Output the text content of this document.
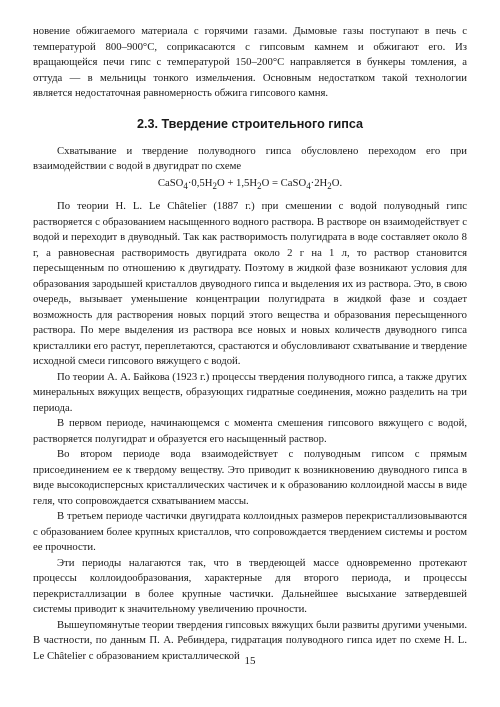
новение обжигаемого материала с горячими газами. Дымовые газы поступают в печь с температурой 800–900°C, соприкасаются с гипсовым камнем и обжигают его. Из вращающейся печи гипс с температурой 150–200°C направляется в бункеры томления, а оттуда — в мельницы тонкого измельчения. Основным недостатком такой технологии является недостаточная равномерность обжига гипсового камня.

2.3. Твердение строительного гипса

Схватывание и твердение полуводного гипса обусловлено переходом его при взаимодействии с водой в двугидрат по схеме

$CaSO_4\cdot 0,5H_2O + 1,5H_2O$ = $CaSO_4\cdot 2H_2O$.

По теории H. L. Le Châtelier (1887 г.) при смешении с водой полуводный гипс растворяется с образованием насыщенного водного раствора. В растворе он взаимодействует с водой и переходит в двуводный. Так как растворимость полугидрата в воде составляет около 8 г, а равновесная растворимость двугидрата около 2 г на 1 л, то раствор становится пересыщенным по отношению к двугидрату. Поэтому в жидкой фазе возникают условия для образования зародышей кристаллов двуводного гипса и выделения их из раствора. Это, в свою очередь, вызывает уменьшение концентрации полугидрата в жидкой фазе и создает возможность для растворения новых порций этого вещества и образования пересыщенного раствора. По мере выделения из раствора все новых и новых количеств двуводного гипса кристаллики его растут, переплетаются, срастаются и обусловливают схватывание и твердение исходной смеси гипсового вяжущего с водой.

По теории А. А. Байкова (1923 г.) процессы твердения полуводного гипса, а также других минеральных вяжущих веществ, образующих гидратные соединения, можно разделить на три периода.

В первом периоде, начинающемся с момента смешения гипсового вяжущего с водой, растворяется полугидрат и образуется его насыщенный раствор.

Во втором периоде вода взаимодействует с полуводным гипсом с прямым присоединением ее к твердому веществу. Это приводит к возникновению двуводного гипса в виде высокодисперсных кристаллических частичек и к образованию коллоидной массы в виде геля, что сопровождается схватыванием массы.

В третьем периоде частички двугидрата коллоидных размеров перекристаллизовываются с образованием более крупных кристаллов, что сопровождается твердением системы и ростом ее прочности.

Эти периоды налагаются так, что в твердеющей массе одновременно протекают процессы коллоидообразования, характерные для второго периода, и процессы перекристаллизации в более крупные частички. Дальнейшее высыхание затвердевшей системы приводит к значительному увеличению прочности.

Вышеупомянутые теории твердения гипсовых вяжущих были развиты другими учеными. В частности, по данным П. А. Ребиндера, гидратация полуводного гипса идет по схеме H. L. Le Châtelier с образованием кристаллической 15
